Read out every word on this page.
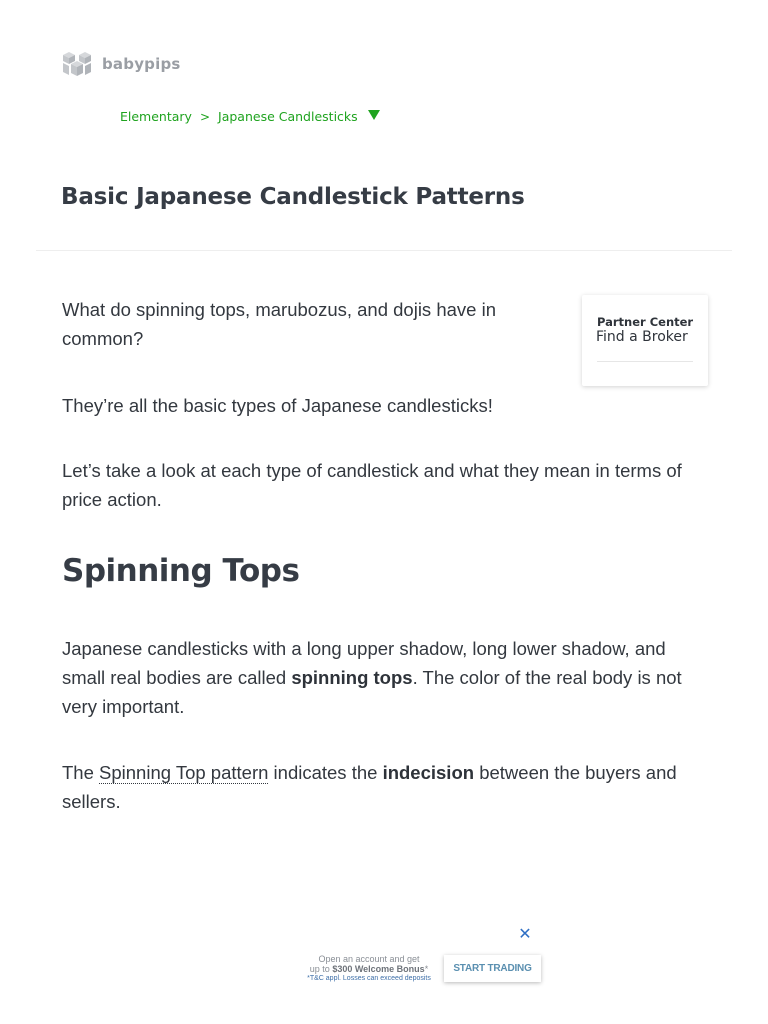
babypips
Elementary > Japanese Candlesticks
Basic Japanese Candlestick Patterns

What do spinning tops, marubozus, and dojis have in common?

They’re all the basic types of Japanese candlesticks!

Let’s take a look at each type of candlestick and what they mean in terms of price action.

Spinning Tops

Japanese candlesticks with a long upper shadow, long lower shadow, and small real bodies are called spinning tops. The color of the real body is not very important.

The Spinning Top pattern indicates the indecision between the buyers and sellers.

Partner Center
Find a Broker
✕
Open an account and get
up to $300 Welcome Bonus*
*T&C appl. Losses can exceed deposits
START TRADING
